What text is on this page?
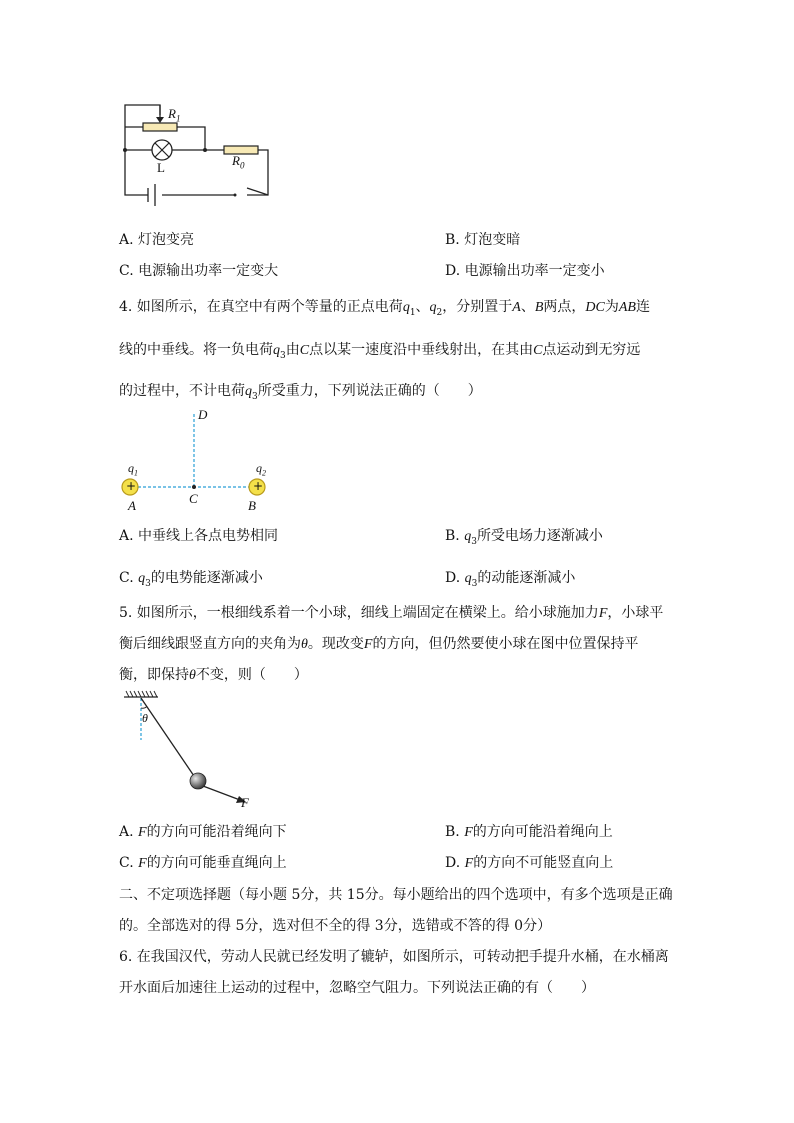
$R_1$
L	$R_0$
A. 灯泡变亮	B. 灯泡变暗
C. 电源输出功率一定变大	D. 电源输出功率一定变小
4. 如图所示，在真空中有两个等量的正点电荷$q_1$、$q_2$，分别置于A、B两点，DC为AB连
线的中垂线。将一负电荷$q_3$由C点以某一速度沿中垂线射出，在其由C点运动到无穷远
的过程中，不计电荷$q_3$所受重力，下列说法正确的（　　）
+	+
D
$q_1$	$q_2$
C
A	B
A. 中垂线上各点电势相同	B. $q_3$所受电场力逐渐减小
C. $q_3$的电势能逐渐减小	D. $q_3$的动能逐渐减小
5. 如图所示，一根细线系着一个小球，细线上端固定在横梁上。给小球施加力F，小球平
衡后细线跟竖直方向的夹角为θ。现改变F的方向，但仍然要使小球在图中位置保持平
衡，即保持θ不变，则（　　）
θ
F
A. F的方向可能沿着绳向下	B. F的方向可能沿着绳向上
C. F的方向可能垂直绳向上	D. F的方向不可能竖直向上
二、不定项选择题（每小题 5分，共 15分。每小题给出的四个选项中，有多个选项是正确
的。全部选对的得 5分，选对但不全的得 3分，选错或不答的得 0分）
6. 在我国汉代，劳动人民就已经发明了辘轳，如图所示，可转动把手提升水桶，在水桶离
开水面后加速往上运动的过程中，忽略空气阻力。下列说法正确的有（　　）
